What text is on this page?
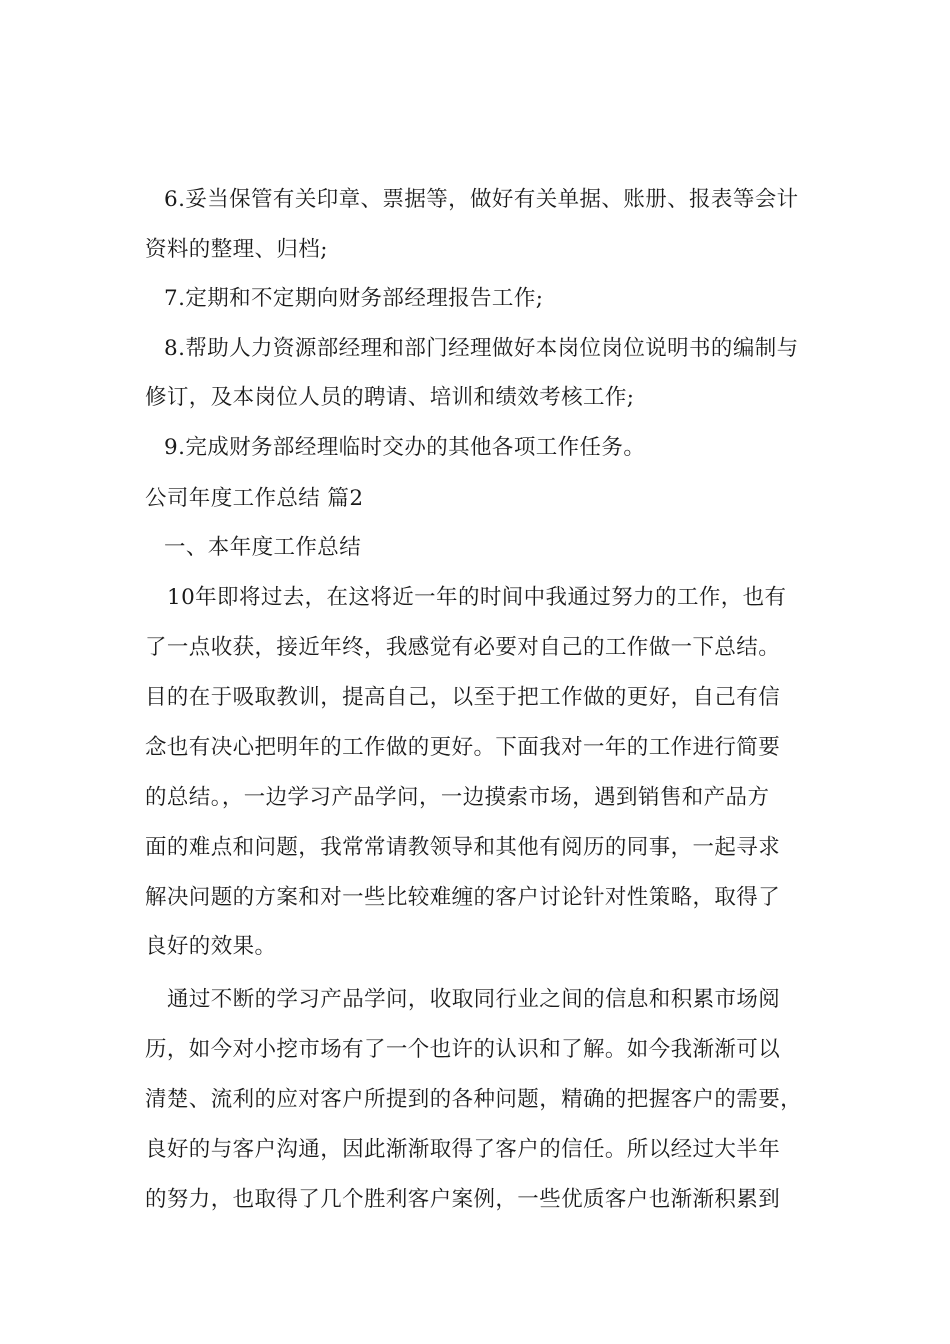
6.妥当保管有关印章、票据等，做好有关单据、账册、报表等会计
资料的整理、归档;
7.定期和不定期向财务部经理报告工作;
8.帮助人力资源部经理和部门经理做好本岗位岗位说明书的编制与
修订，及本岗位人员的聘请、培训和绩效考核工作;
9.完成财务部经理临时交办的其他各项工作任务。
公司年度工作总结 篇2
一、本年度工作总结
10年即将过去，在这将近一年的时间中我通过努力的工作，也有
了一点收获，接近年终，我感觉有必要对自己的工作做一下总结。
目的在于吸取教训，提高自己，以至于把工作做的更好，自己有信
念也有决心把明年的工作做的更好。下面我对一年的工作进行简要
的总结。，一边学习产品学问，一边摸索市场，遇到销售和产品方
面的难点和问题，我常常请教领导和其他有阅历的同事，一起寻求
解决问题的方案和对一些比较难缠的客户讨论针对性策略，取得了
良好的效果。
通过不断的学习产品学问，收取同行业之间的信息和积累市场阅
历，如今对小挖市场有了一个也许的认识和了解。如今我渐渐可以
清楚、流利的应对客户所提到的各种问题，精确的把握客户的需要，
良好的与客户沟通，因此渐渐取得了客户的信任。所以经过大半年
的努力，也取得了几个胜利客户案例，一些优质客户也渐渐积累到
